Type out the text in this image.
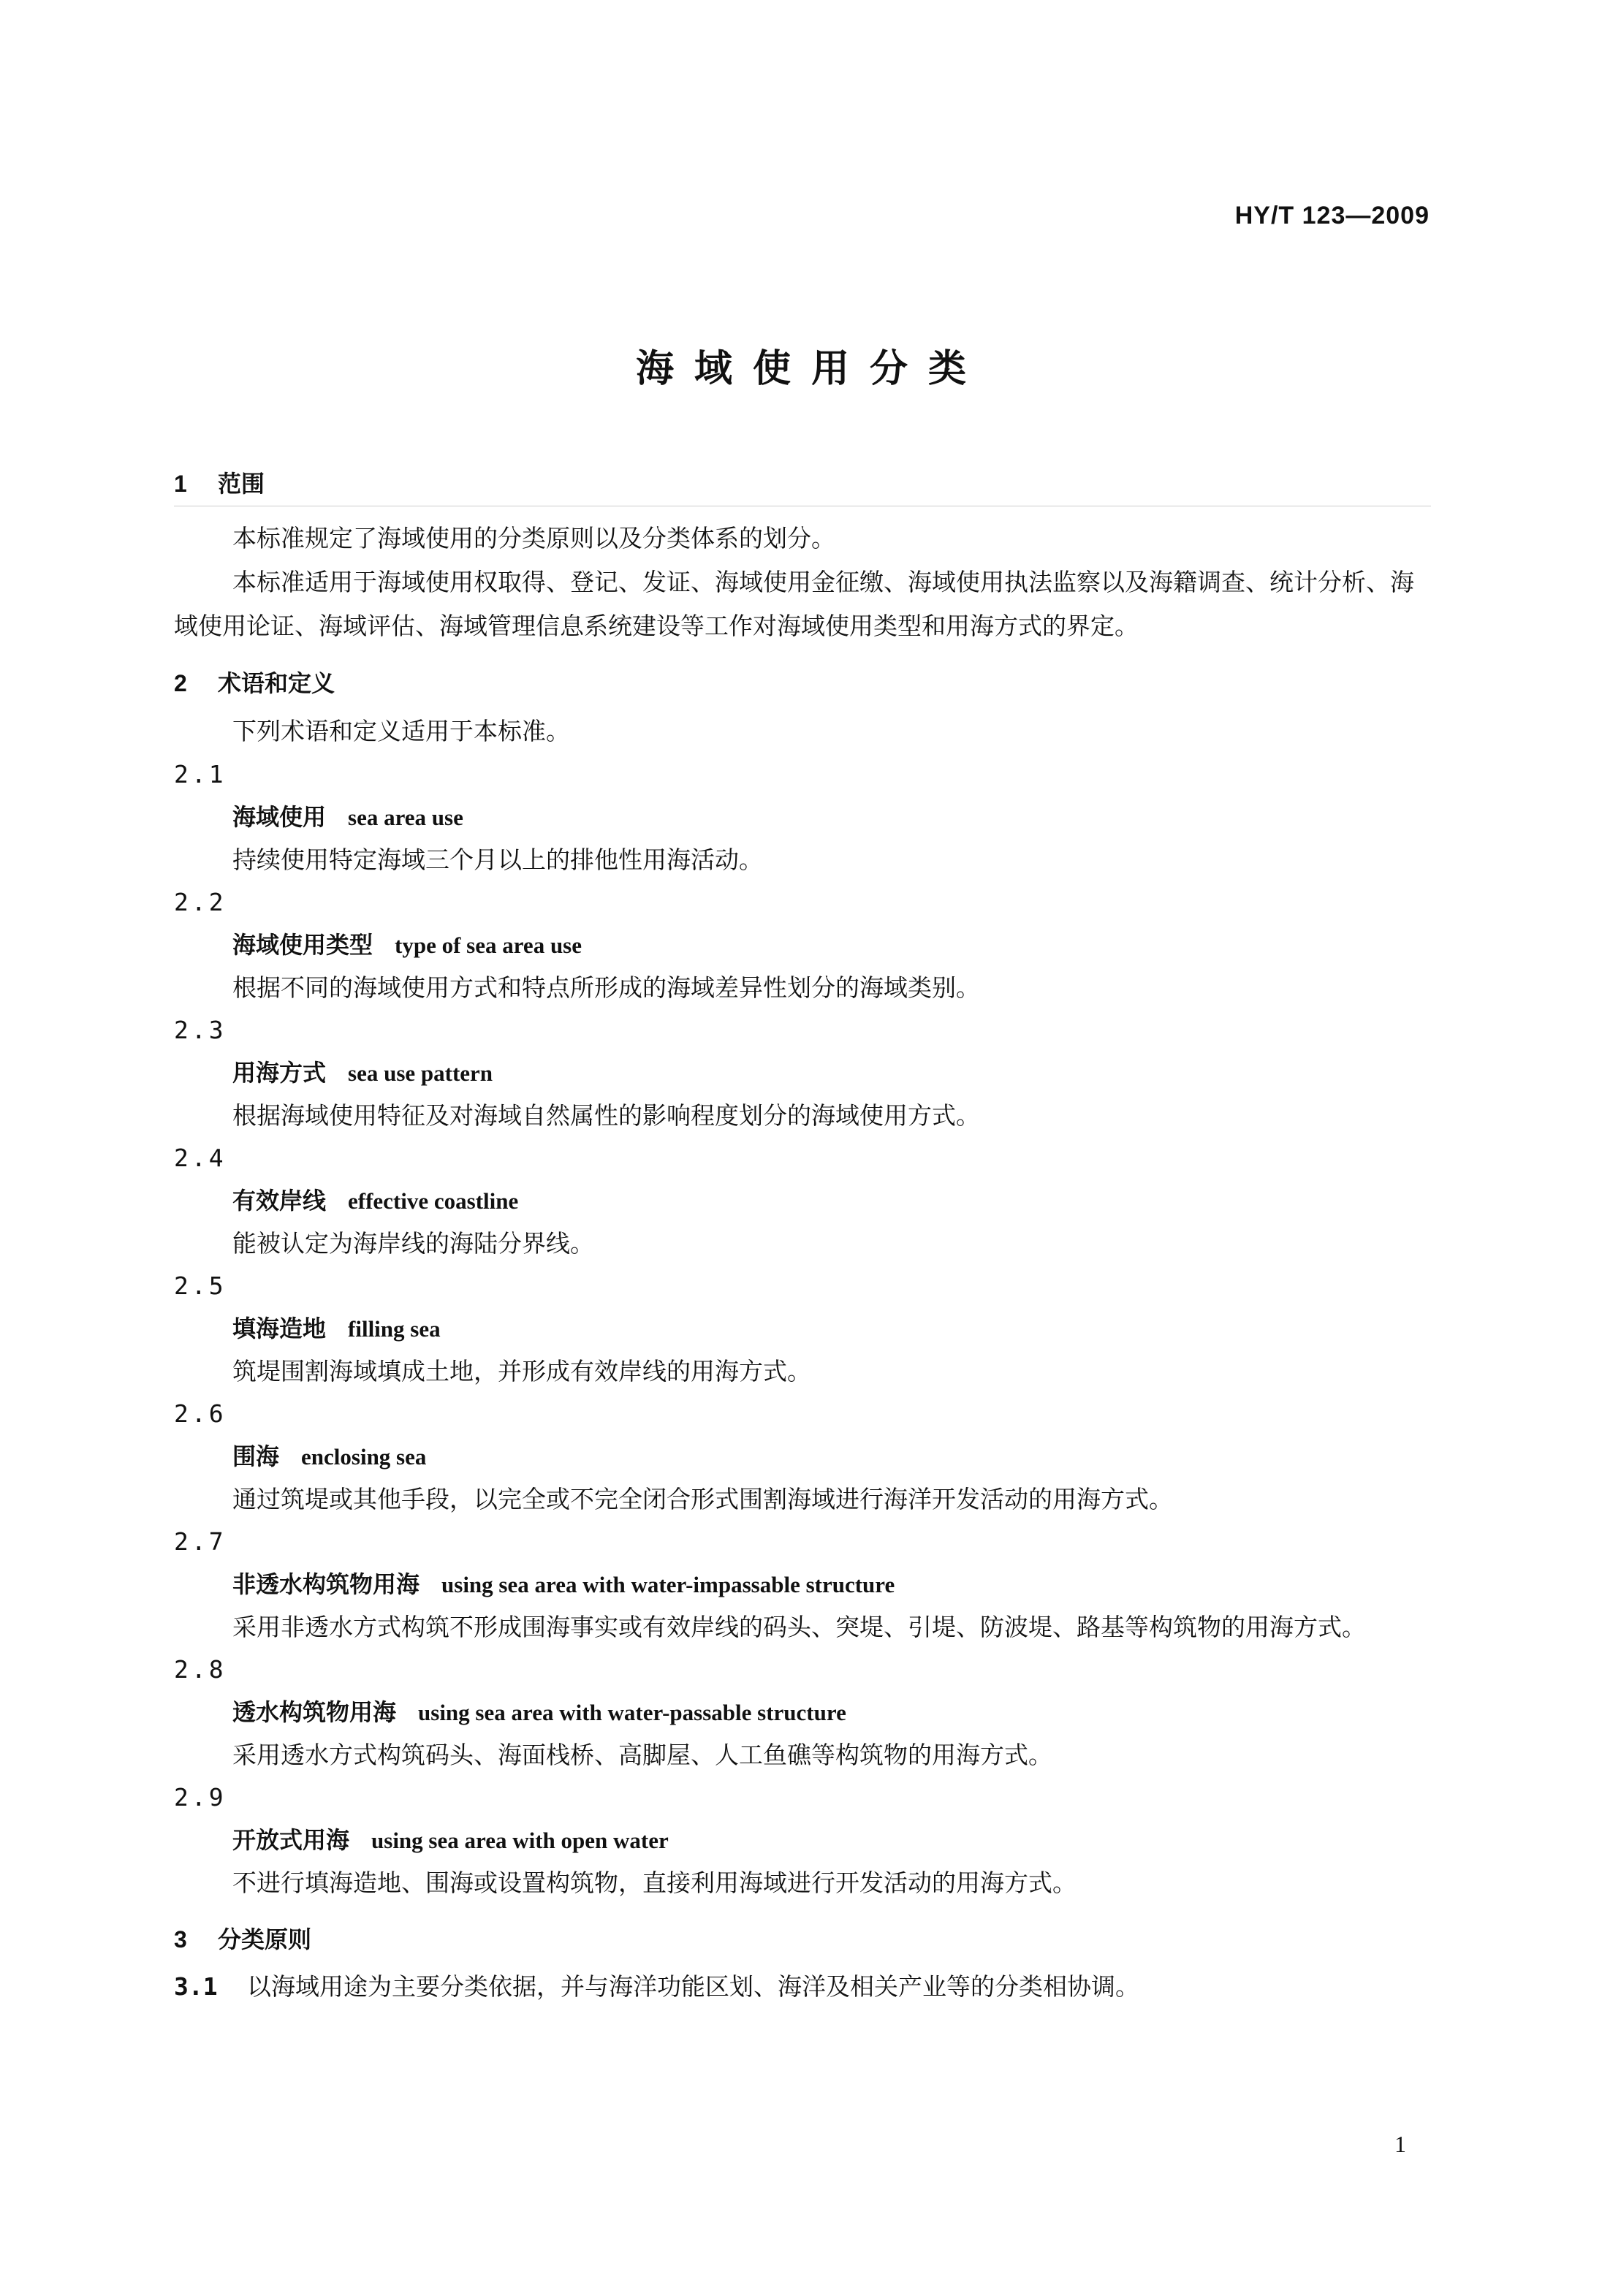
HY/T 123—2009
海域使用分类
1	范围

本标准规定了海域使用的分类原则以及分类体系的划分。

本标准适用于海域使用权取得、登记、发证、海域使用金征缴、海域使用执法监察以及海籍调查、统计分析、海域使用论证、海域评估、海域管理信息系统建设等工作对海域使用类型和用海方式的界定。

2	术语和定义

下列术语和定义适用于本标准。

2.1
海域使用 sea area use
持续使用特定海域三个月以上的排他性用海活动。
2.2
海域使用类型 type of sea area use
根据不同的海域使用方式和特点所形成的海域差异性划分的海域类别。
2.3
用海方式 sea use pattern
根据海域使用特征及对海域自然属性的影响程度划分的海域使用方式。
2.4
有效岸线 effective coastline
能被认定为海岸线的海陆分界线。
2.5
填海造地 filling sea
筑堤围割海域填成土地，并形成有效岸线的用海方式。
2.6
围海 enclosing sea
通过筑堤或其他手段，以完全或不完全闭合形式围割海域进行海洋开发活动的用海方式。
2.7
非透水构筑物用海 using sea area with water-impassable structure
采用非透水方式构筑不形成围海事实或有效岸线的码头、突堤、引堤、防波堤、路基等构筑物的用海方式。
2.8
透水构筑物用海 using sea area with water-passable structure
采用透水方式构筑码头、海面栈桥、高脚屋、人工鱼礁等构筑物的用海方式。
2.9
开放式用海 using sea area with open water
不进行填海造地、围海或设置构筑物，直接利用海域进行开发活动的用海方式。
3	分类原则
3.1	以海域用途为主要分类依据，并与海洋功能区划、海洋及相关产业等的分类相协调。
1
